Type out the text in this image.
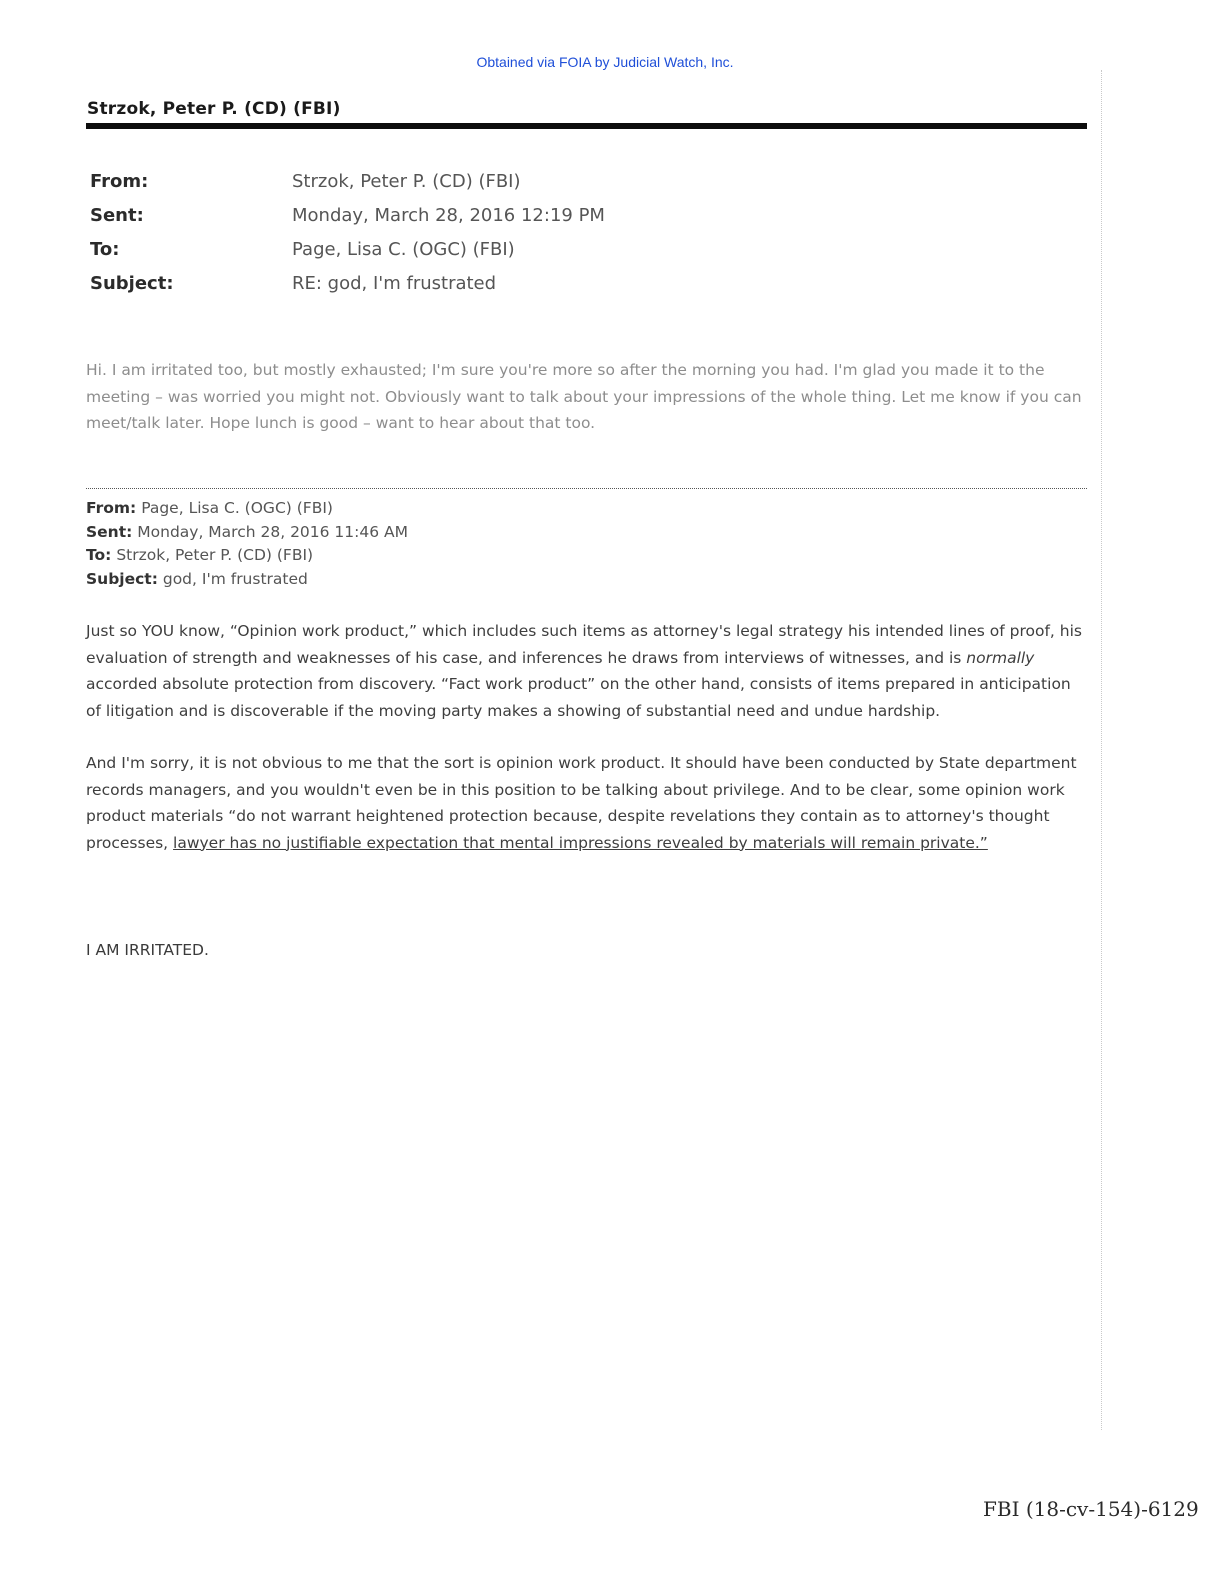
Obtained via FOIA by Judicial Watch, Inc.
Strzok, Peter P. (CD) (FBI)
From:	Strzok, Peter P. (CD) (FBI)
Sent:	Monday, March 28, 2016 12:19 PM
To:	Page, Lisa C. (OGC) (FBI)
Subject:	RE: god, I'm frustrated
Hi. I am irritated too, but mostly exhausted; I'm sure you're more so after the morning you had. I'm glad you made it to the meeting – was worried you might not. Obviously want to talk about your impressions of the whole thing. Let me know if you can meet/talk later. Hope lunch is good – want to hear about that too.
From: Page, Lisa C. (OGC) (FBI)
Sent: Monday, March 28, 2016 11:46 AM
To: Strzok, Peter P. (CD) (FBI)
Subject: god, I'm frustrated

Just so YOU know, “Opinion work product,” which includes such items as attorney's legal strategy his intended lines of proof, his evaluation of strength and weaknesses of his case, and inferences he draws from interviews of witnesses, and is normally accorded absolute protection from discovery. “Fact work product” on the other hand, consists of items prepared in anticipation of litigation and is discoverable if the moving party makes a showing of substantial need and undue hardship.

And I'm sorry, it is not obvious to me that the sort is opinion work product. It should have been conducted by State department records managers, and you wouldn't even be in this position to be talking about privilege. And to be clear, some opinion work product materials “do not warrant heightened protection because, despite revelations they contain as to attorney's thought processes, lawyer has no justifiable expectation that mental impressions revealed by materials will remain private.”

I AM IRRITATED.
FBI (18-cv-154)-6129
